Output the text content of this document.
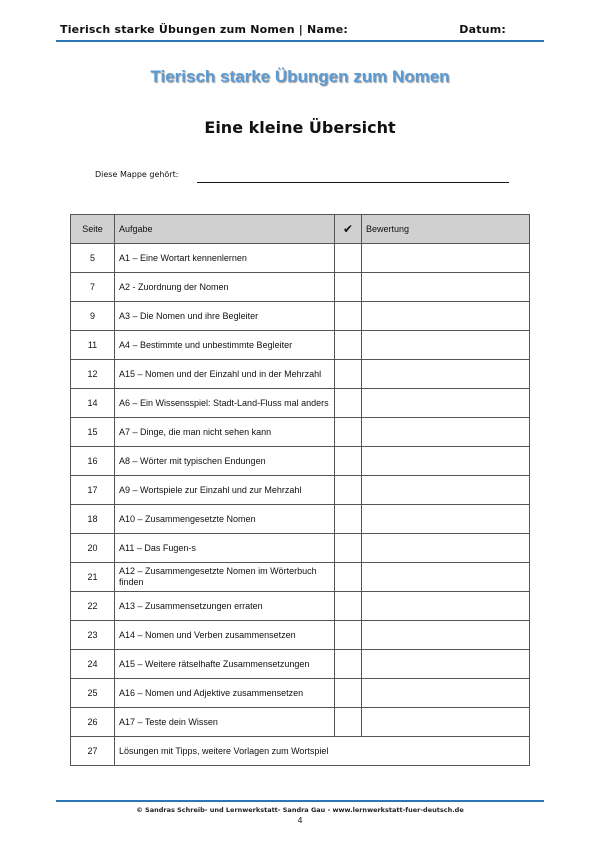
Tierisch starke Übungen zum Nomen | Name:	Datum:
Tierisch starke Übungen zum Nomen
Eine kleine Übersicht
Diese Mappe gehört:
Seite	Aufgabe	✔	Bewertung
5	A1 – Eine Wortart kennenlernen		
7	A2 - Zuordnung der Nomen		
9	A3 – Die Nomen und ihre Begleiter		
11	A4 – Bestimmte und unbestimmte Begleiter		
12	A15 – Nomen und der Einzahl und in der Mehrzahl		
14	A6 – Ein Wissensspiel: Stadt-Land-Fluss mal anders		
15	A7 – Dinge, die man nicht sehen kann		
16	A8 – Wörter mit typischen Endungen		
17	A9 – Wortspiele zur Einzahl und zur Mehrzahl		
18	A10 – Zusammengesetzte Nomen		
20	A11 – Das Fugen-s		
21	A12 – Zusammengesetzte Nomen im Wörterbuch finden		
22	A13 – Zusammensetzungen erraten		
23	A14 – Nomen und Verben zusammensetzen		
24	A15 – Weitere rätselhafte Zusammensetzungen		
25	A16 – Nomen und Adjektive zusammensetzen		
26	A17 – Teste dein Wissen		
27	Lösungen mit Tipps, weitere Vorlagen zum Wortspiel		
© Sandras Schreib- und Lernwerkstatt- Sandra Gau - www.lernwerkstatt-fuer-deutsch.de
4
